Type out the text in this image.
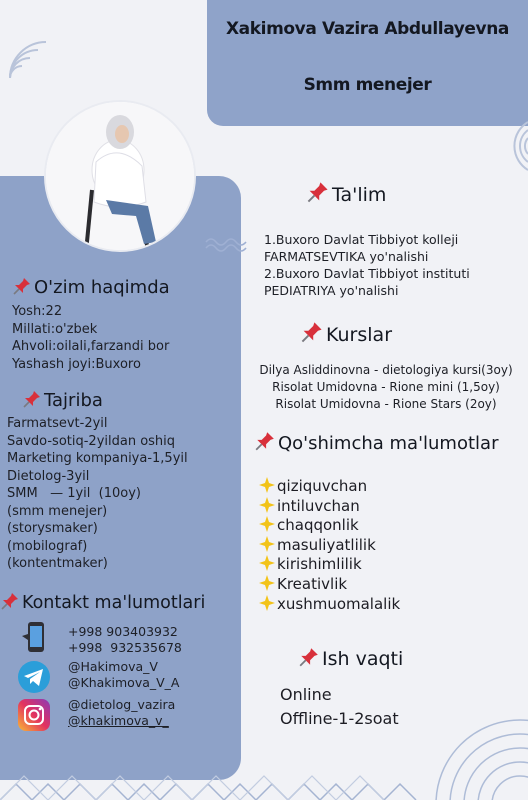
Xakimova Vazira Abdullayevna
Smm menejer
O'zim haqimda
Yosh:22
Millati:o'zbek
Ahvoli:oilali,farzandi bor
Yashash joyi:Buxoro
Tajriba
Farmatsevt-2yil
Savdo-sotiq-2yildan oshiq
Marketing kompaniya-1,5yil
Dietolog-3yil
SMM   — 1yil  (10oy)
(smm menejer)
(storysmaker)
(mobilograf)
(kontentmaker)
Kontakt ma'lumotlari
+998 903403932
+998  932535678
@Hakimova_V
@Khakimova_V_A
@dietolog_vazira
@khakimova_v_
Ta'lim
1.Buxoro Davlat Tibbiyot kolleji
FARMATSEVTIKA yo'nalishi
2.Buxoro Davlat Tibbiyot instituti
PEDIATRIYA yo'nalishi
Kurslar
Dilya Asliddinovna - dietologiya kursi(3oy)
Risolat Umidovna - Rione mini (1,5oy)
Risolat Umidovna - Rione Stars (2oy)
Qo'shimcha ma'lumotlar
qiziquvchan
intiluvchan
chaqqonlik
masuliyatlilik
kirishimlilik
Kreativlik
xushmuomalalik
Ish vaqti
Online
Offline-1-2soat
